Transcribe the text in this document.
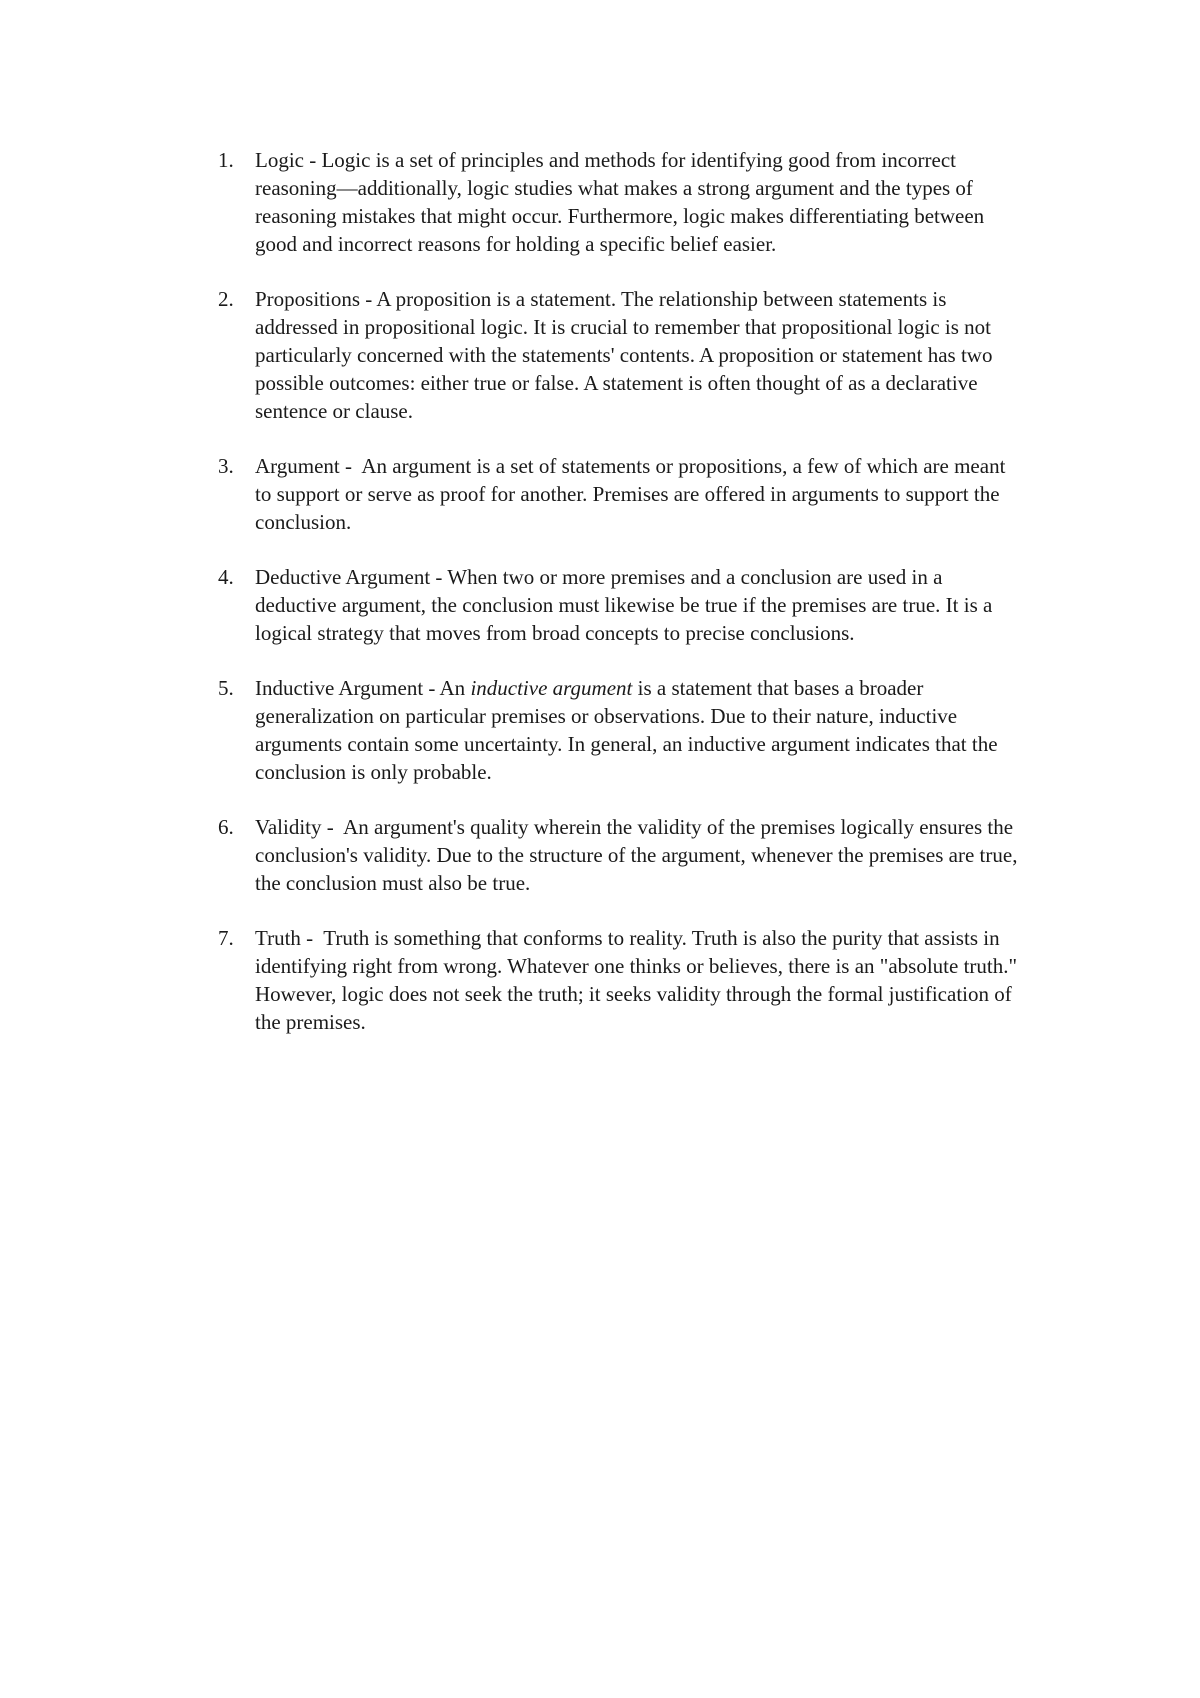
1. Logic - Logic is a set of principles and methods for identifying good from incorrect reasoning—additionally, logic studies what makes a strong argument and the types of reasoning mistakes that might occur. Furthermore, logic makes differentiating between good and incorrect reasons for holding a specific belief easier.
2. Propositions - A proposition is a statement. The relationship between statements is addressed in propositional logic. It is crucial to remember that propositional logic is not particularly concerned with the statements' contents. A proposition or statement has two possible outcomes: either true or false. A statement is often thought of as a declarative sentence or clause.
3. Argument -  An argument is a set of statements or propositions, a few of which are meant to support or serve as proof for another. Premises are offered in arguments to support the conclusion.
4. Deductive Argument - When two or more premises and a conclusion are used in a deductive argument, the conclusion must likewise be true if the premises are true. It is a logical strategy that moves from broad concepts to precise conclusions.
5. Inductive Argument - An inductive argument is a statement that bases a broader generalization on particular premises or observations. Due to their nature, inductive arguments contain some uncertainty. In general, an inductive argument indicates that the conclusion is only probable.
6. Validity -  An argument's quality wherein the validity of the premises logically ensures the conclusion's validity. Due to the structure of the argument, whenever the premises are true, the conclusion must also be true.
7. Truth -  Truth is something that conforms to reality. Truth is also the purity that assists in identifying right from wrong. Whatever one thinks or believes, there is an "absolute truth." However, logic does not seek the truth; it seeks validity through the formal justification of the premises.
